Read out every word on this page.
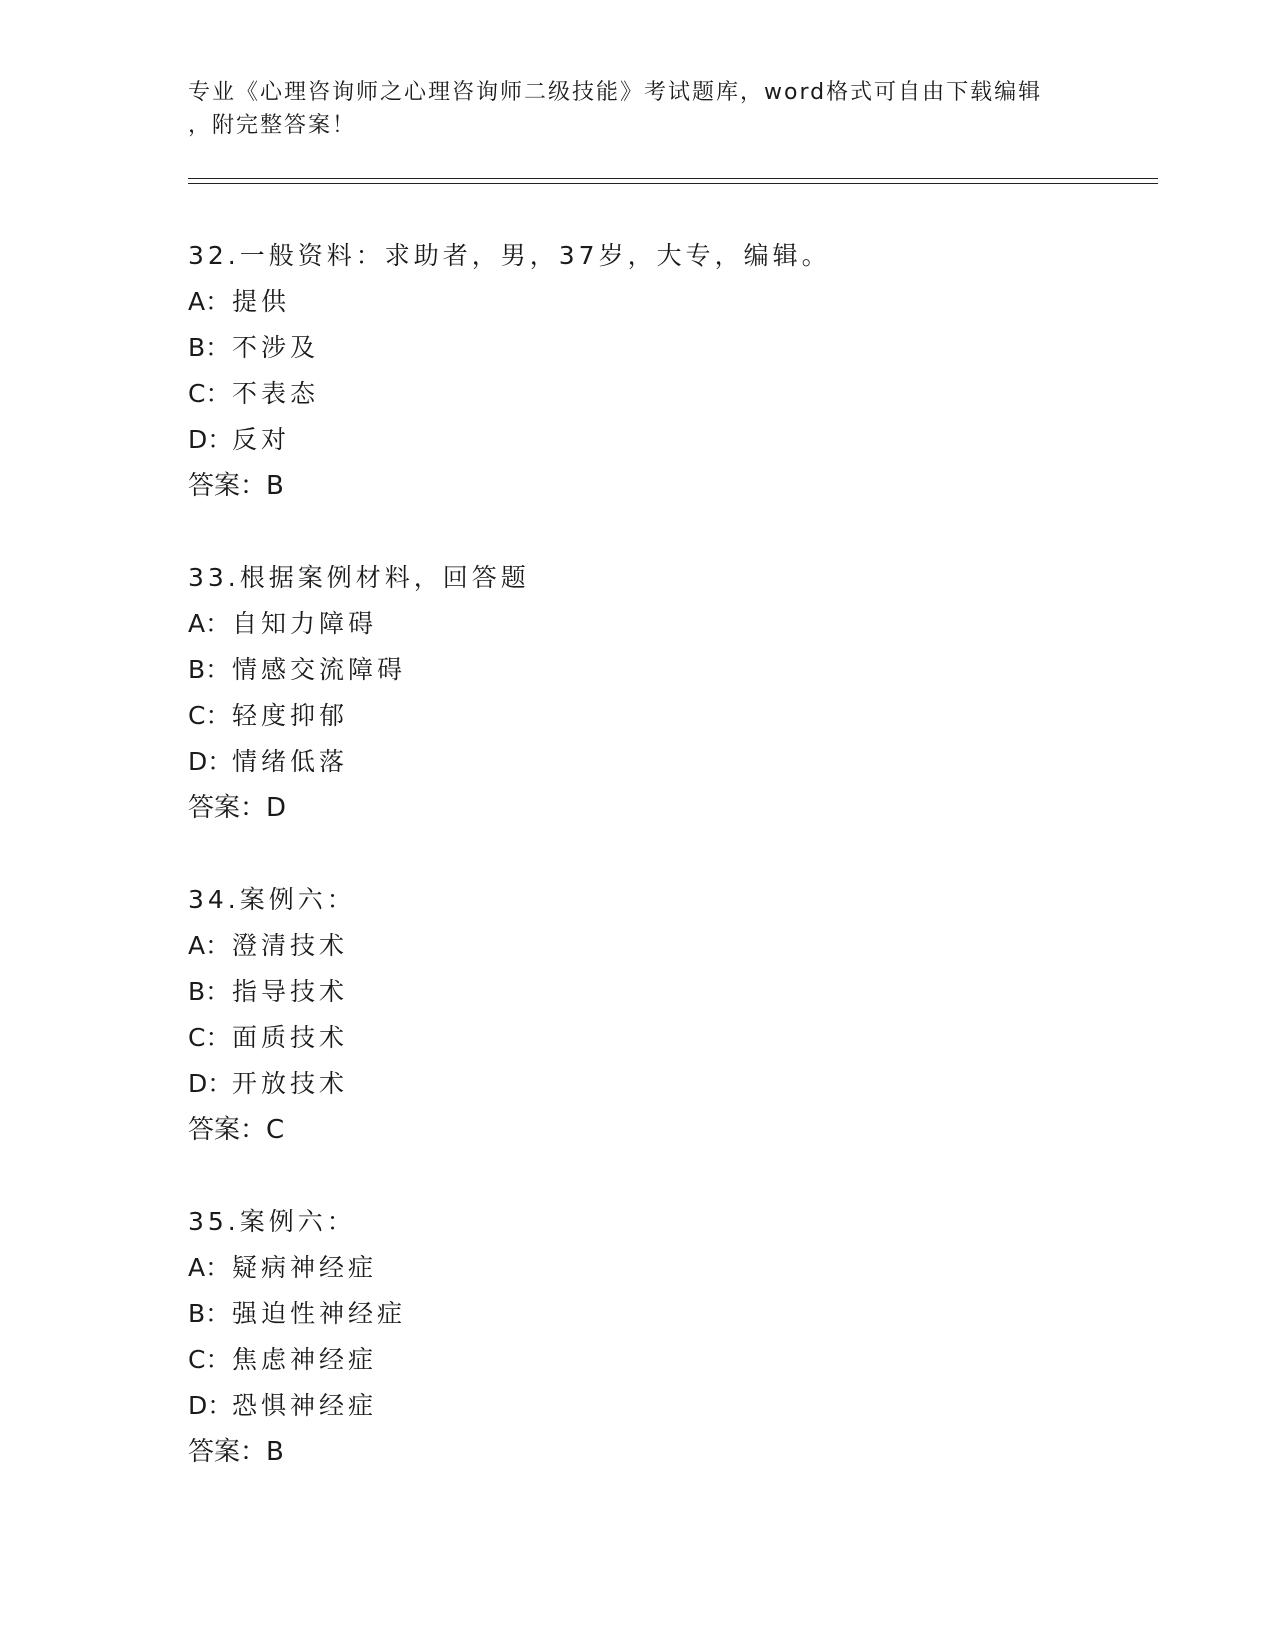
专业《心理咨询师之心理咨询师二级技能》考试题库，word格式可自由下载编辑
，附完整答案！
32.一般资料：求助者，男，37岁，大专，编辑。
A：提供
B：不涉及
C：不表态
D：反对
答案：B
33.根据案例材料，回答题
A：自知力障碍
B：情感交流障碍
C：轻度抑郁
D：情绪低落
答案：D
34.案例六：
A：澄清技术
B：指导技术
C：面质技术
D：开放技术
答案：C
35.案例六：
A：疑病神经症
B：强迫性神经症
C：焦虑神经症
D：恐惧神经症
答案：B
